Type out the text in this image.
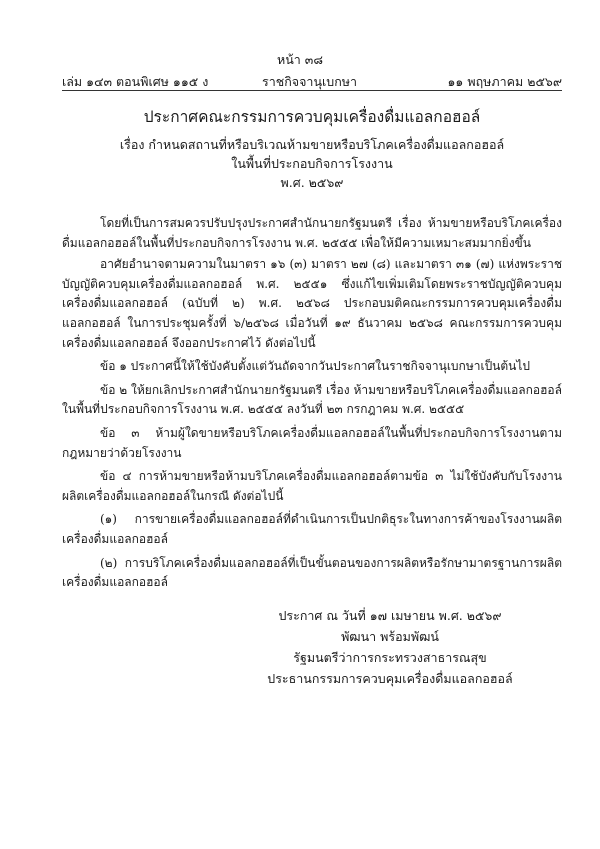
หน้า ๓๘
เล่ม ๑๔๓ ตอนพิเศษ ๑๑๕ ง	ราชกิจจานุเบกษา	๑๑ พฤษภาคม ๒๕๖๙
ประกาศคณะกรรมการควบคุมเครื่องดื่มแอลกอฮอล์

เรื่อง กำหนดสถานที่หรือบริเวณห้ามขายหรือบริโภคเครื่องดื่มแอลกอฮอล์

ในพื้นที่ประกอบกิจการโรงงาน

พ.ศ. ๒๕๖๙

โดยที่เป็นการสมควรปรับปรุงประกาศสำนักนายกรัฐมนตรี เรื่อง ห้ามขายหรือบริโภคเครื่องดื่มแอลกอฮอล์ในพื้นที่ประกอบกิจการโรงงาน พ.ศ. ๒๕๕๕ เพื่อให้มีความเหมาะสมมากยิ่งขึ้น

อาศัยอำนาจตามความในมาตรา ๑๖ (๓) มาตรา ๒๗ (๘) และมาตรา ๓๑ (๗) แห่งพระราชบัญญัติควบคุมเครื่องดื่มแอลกอฮอล์ พ.ศ. ๒๕๕๑ ซึ่งแก้ไขเพิ่มเติมโดยพระราชบัญญัติควบคุมเครื่องดื่มแอลกอฮอล์ (ฉบับที่ ๒) พ.ศ. ๒๕๖๘ ประกอบมติคณะกรรมการควบคุมเครื่องดื่มแอลกอฮอล์ ในการประชุมครั้งที่ ๖/๒๕๖๘ เมื่อวันที่ ๑๙ ธันวาคม ๒๕๖๘ คณะกรรมการควบคุมเครื่องดื่มแอลกอฮอล์ จึงออกประกาศไว้ ดังต่อไปนี้

ข้อ ๑ ประกาศนี้ให้ใช้บังคับตั้งแต่วันถัดจากวันประกาศในราชกิจจานุเบกษาเป็นต้นไป

ข้อ ๒ ให้ยกเลิกประกาศสำนักนายกรัฐมนตรี เรื่อง ห้ามขายหรือบริโภคเครื่องดื่มแอลกอฮอล์ในพื้นที่ประกอบกิจการโรงงาน พ.ศ. ๒๕๕๕ ลงวันที่ ๒๓ กรกฎาคม พ.ศ. ๒๕๕๕

ข้อ ๓ ห้ามผู้ใดขายหรือบริโภคเครื่องดื่มแอลกอฮอล์ในพื้นที่ประกอบกิจการโรงงานตามกฎหมายว่าด้วยโรงงาน

ข้อ ๔ การห้ามขายหรือห้ามบริโภคเครื่องดื่มแอลกอฮอล์ตามข้อ ๓ ไม่ใช้บังคับกับโรงงานผลิตเครื่องดื่มแอลกอฮอล์ในกรณี ดังต่อไปนี้

(๑) การขายเครื่องดื่มแอลกอฮอล์ที่ดำเนินการเป็นปกติธุระในทางการค้าของโรงงานผลิตเครื่องดื่มแอลกอฮอล์

(๒) การบริโภคเครื่องดื่มแอลกอฮอล์ที่เป็นขั้นตอนของการผลิตหรือรักษามาตรฐานการผลิตเครื่องดื่มแอลกอฮอล์

ประกาศ ณ วันที่ ๑๗ เมษายน พ.ศ. ๒๕๖๙
พัฒนา พร้อมพัฒน์
รัฐมนตรีว่าการกระทรวงสาธารณสุข
ประธานกรรมการควบคุมเครื่องดื่มแอลกอฮอล์
